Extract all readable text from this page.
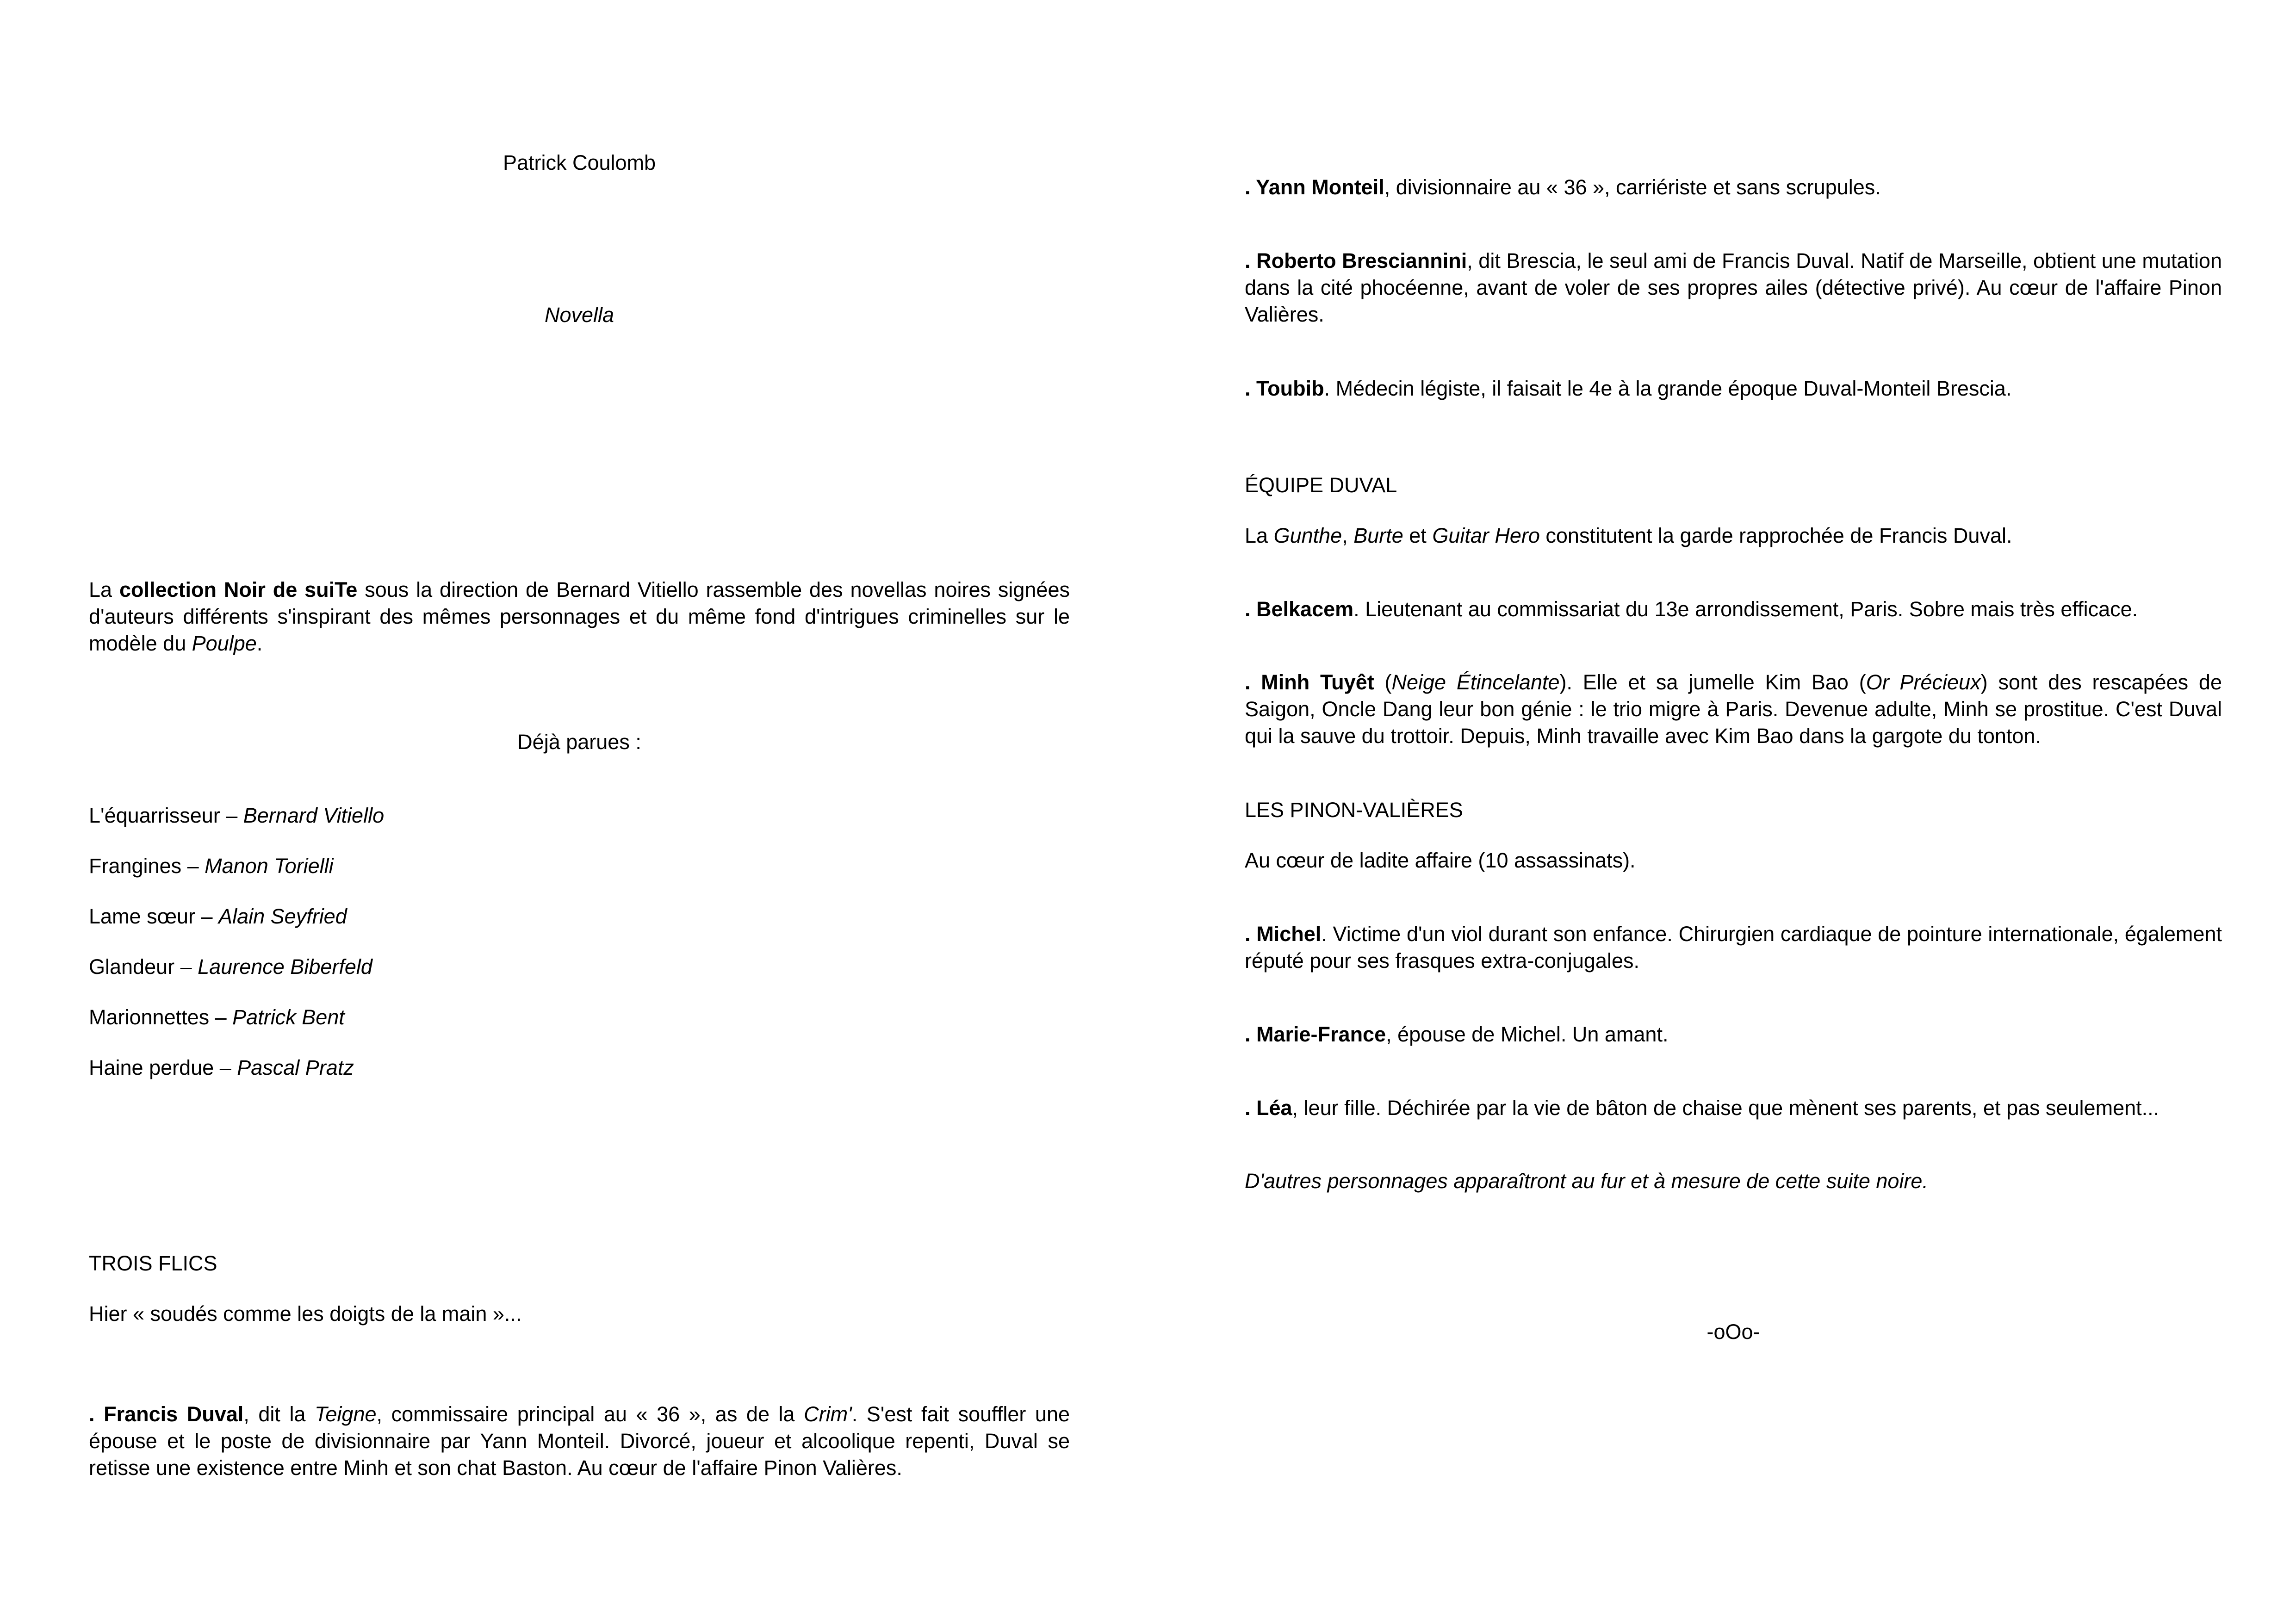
Patrick Coulomb

Novella

La collection Noir de suiTe sous la direction de Bernard Vitiello rassemble des novellas noires signées d'auteurs différents s'inspirant des mêmes personnages et du même fond d'intrigues criminelles sur le modèle du Poulpe.

Déjà parues :

L'équarrisseur – Bernard Vitiello

Frangines – Manon Torielli

Lame sœur – Alain Seyfried

Glandeur – Laurence Biberfeld

Marionnettes – Patrick Bent

Haine perdue – Pascal Pratz

TROIS FLICS

Hier « soudés comme les doigts de la main »...

. Francis Duval, dit la Teigne, commissaire principal au « 36 », as de la Crim'. S'est fait souffler une épouse et le poste de divisionnaire par Yann Monteil. Divorcé, joueur et alcoolique repenti, Duval se retisse une existence entre Minh et son chat Baston. Au cœur de l'affaire Pinon Valières.

. Yann Monteil, divisionnaire au « 36 », carriériste et sans scrupules.

. Roberto Bresciannini, dit Brescia, le seul ami de Francis Duval. Natif de Marseille, obtient une mutation dans la cité phocéenne, avant de voler de ses propres ailes (détective privé). Au cœur de l'affaire Pinon Valières.

. Toubib. Médecin légiste, il faisait le 4e à la grande époque Duval-Monteil Brescia.

ÉQUIPE DUVAL

La Gunthe, Burte et Guitar Hero constitutent la garde rapprochée de Francis Duval.

. Belkacem. Lieutenant au commissariat du 13e arrondissement, Paris. Sobre mais très efficace.

. Minh Tuyêt (Neige Étincelante). Elle et sa jumelle Kim Bao (Or Précieux) sont des rescapées de Saigon, Oncle Dang leur bon génie : le trio migre à Paris. Devenue adulte, Minh se prostitue. C'est Duval qui la sauve du trottoir. Depuis, Minh travaille avec Kim Bao dans la gargote du tonton.

LES PINON-VALIÈRES

Au cœur de ladite affaire (10 assassinats).

. Michel. Victime d'un viol durant son enfance. Chirurgien cardiaque de pointure internationale, également réputé pour ses frasques extra-conjugales.

. Marie-France, épouse de Michel. Un amant.

. Léa, leur fille. Déchirée par la vie de bâton de chaise que mènent ses parents, et pas seulement...

D'autres personnages apparaîtront au fur et à mesure de cette suite noire.

-oOo-
